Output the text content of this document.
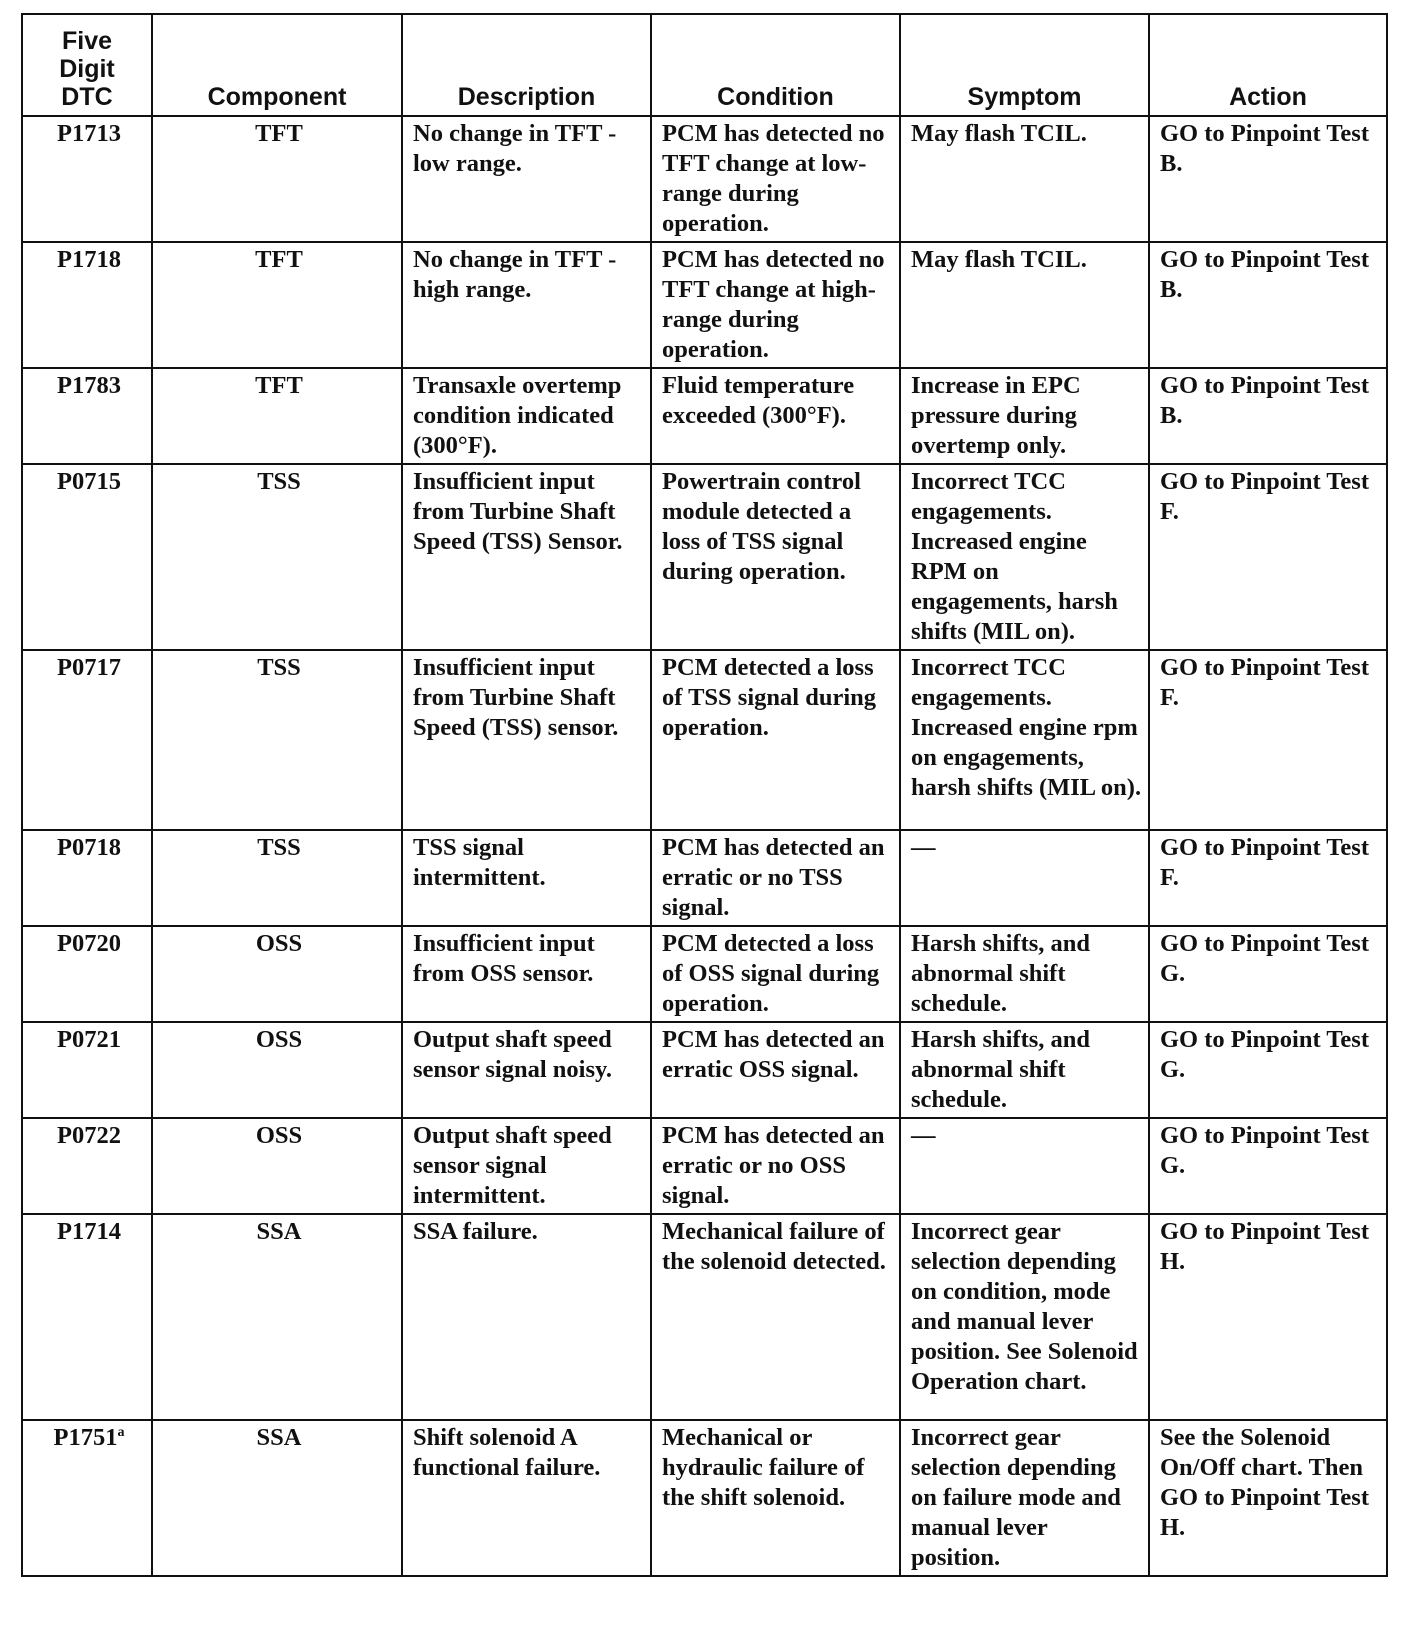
Five
Digit
DTC	Component	Description	Condition	Symptom	Action
P1713	TFT	No change in TFT - low range.	PCM has detected no TFT change at low-range during operation.	May flash TCIL.	GO to Pinpoint Test B.
P1718	TFT	No change in TFT - high range.	PCM has detected no TFT change at high-range during operation.	May flash TCIL.	GO to Pinpoint Test B.
P1783	TFT	Transaxle overtemp condition indicated (300°F).	Fluid temperature exceeded (300°F).	Increase in EPC pressure during overtemp only.	GO to Pinpoint Test B.
P0715	TSS	Insufficient input from Turbine Shaft Speed (TSS) Sensor.	Powertrain control module detected a loss of TSS signal during operation.	Incorrect TCC engagements. Increased engine RPM on engagements, harsh shifts (MIL on).	GO to Pinpoint Test F.
P0717	TSS	Insufficient input from Turbine Shaft Speed (TSS) sensor.	PCM detected a loss of TSS signal during operation.	Incorrect TCC engagements. Increased engine rpm on engagements, harsh shifts (MIL on).	GO to Pinpoint Test F.
P0718	TSS	TSS signal intermittent.	PCM has detected an erratic or no TSS signal.	—	GO to Pinpoint Test F.
P0720	OSS	Insufficient input from OSS sensor.	PCM detected a loss of OSS signal during operation.	Harsh shifts, and abnormal shift schedule.	GO to Pinpoint Test G.
P0721	OSS	Output shaft speed sensor signal noisy.	PCM has detected an erratic OSS signal.	Harsh shifts, and abnormal shift schedule.	GO to Pinpoint Test G.
P0722	OSS	Output shaft speed sensor signal intermittent.	PCM has detected an erratic or no OSS signal.	—	GO to Pinpoint Test G.
P1714	SSA	SSA failure.	Mechanical failure of the solenoid detected.	Incorrect gear selection depending on condition, mode and manual lever position. See Solenoid Operation chart.	GO to Pinpoint Test H.
P1751$^a$	SSA	Shift solenoid A functional failure.	Mechanical or hydraulic failure of the shift solenoid.	Incorrect gear selection depending on failure mode and manual lever position.	See the Solenoid On/Off chart. Then GO to Pinpoint Test H.
